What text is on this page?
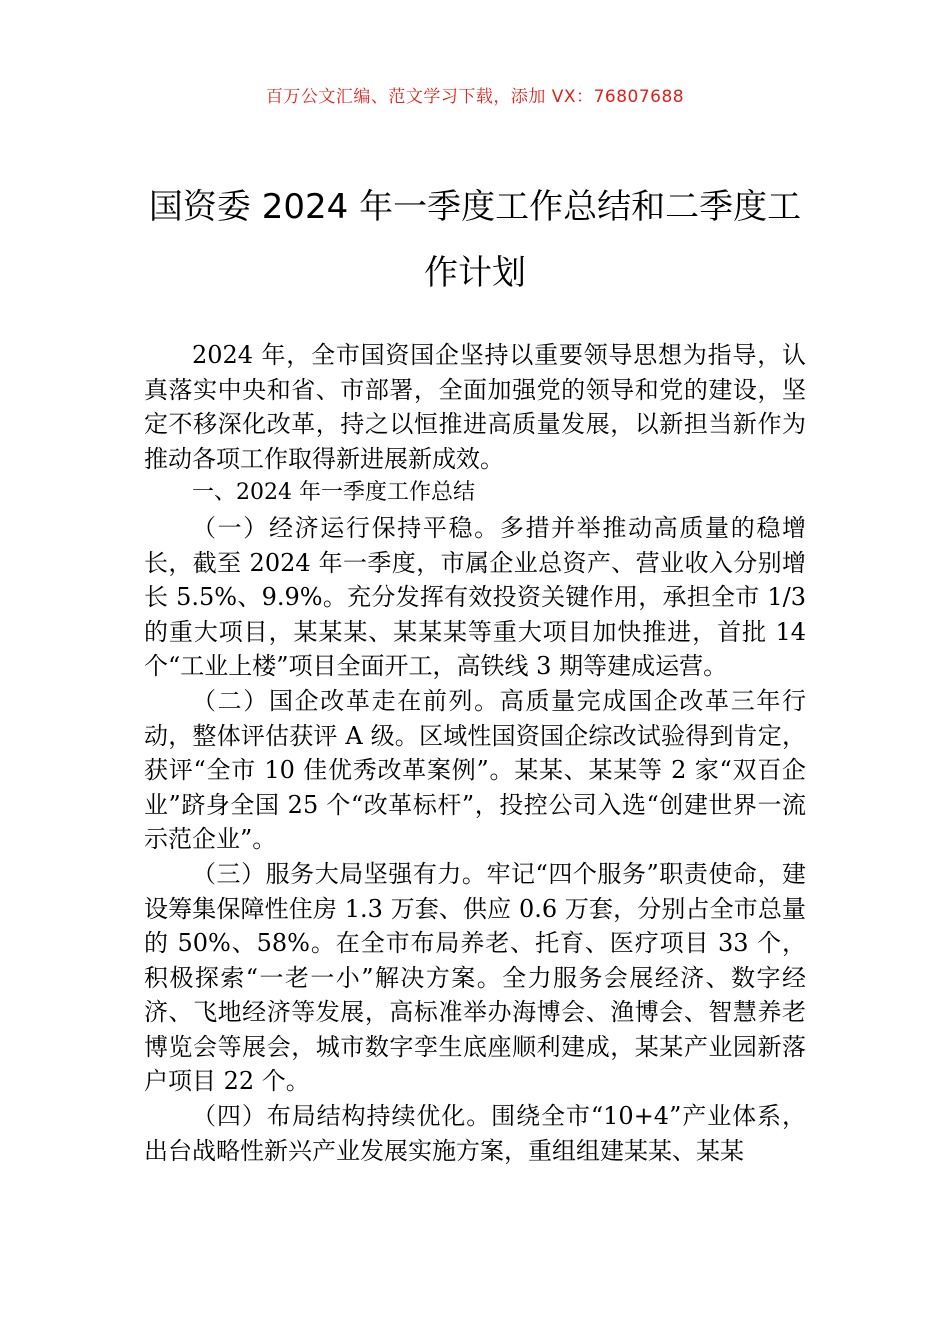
百万公文汇编、范文学习下载，添加 VX：76807688
国资委 2024 年一季度工作总结和二季度工作计划

2024 年，全市国资国企坚持以重要领导思想为指导，认真落实中央和省、市部署，全面加强党的领导和党的建设，坚定不移深化改革，持之以恒推进高质量发展，以新担当新作为推动各项工作取得新进展新成效。

一、2024 年一季度工作总结

（一）经济运行保持平稳。多措并举推动高质量的稳增长，截至 2024 年一季度，市属企业总资产、营业收入分别增长 5.5%、9.9%。充分发挥有效投资关键作用，承担全市 1/3 的重大项目，某某某、某某某等重大项目加快推进，首批 14 个“工业上楼”项目全面开工，高铁线 3 期等建成运营。

（二）国企改革走在前列。高质量完成国企改革三年行动，整体评估获评 A 级。区域性国资国企综改试验得到肯定，获评“全市 10 佳优秀改革案例”。某某、某某等 2 家“双百企业”跻身全国 25 个“改革标杆”，投控公司入选“创建世界一流示范企业”。

（三）服务大局坚强有力。牢记“四个服务”职责使命，建设筹集保障性住房 1.3 万套、供应 0.6 万套，分别占全市总量的 50%、58%。在全市布局养老、托育、医疗项目 33 个，积极探索“一老一小”解决方案。全力服务会展经济、数字经济、飞地经济等发展，高标准举办海博会、渔博会、智慧养老博览会等展会，城市数字孪生底座顺利建成，某某产业园新落户项目 22 个。

（四）布局结构持续优化。围绕全市“10+4”产业体系，出台战略性新兴产业发展实施方案，重组组建某某、某某
